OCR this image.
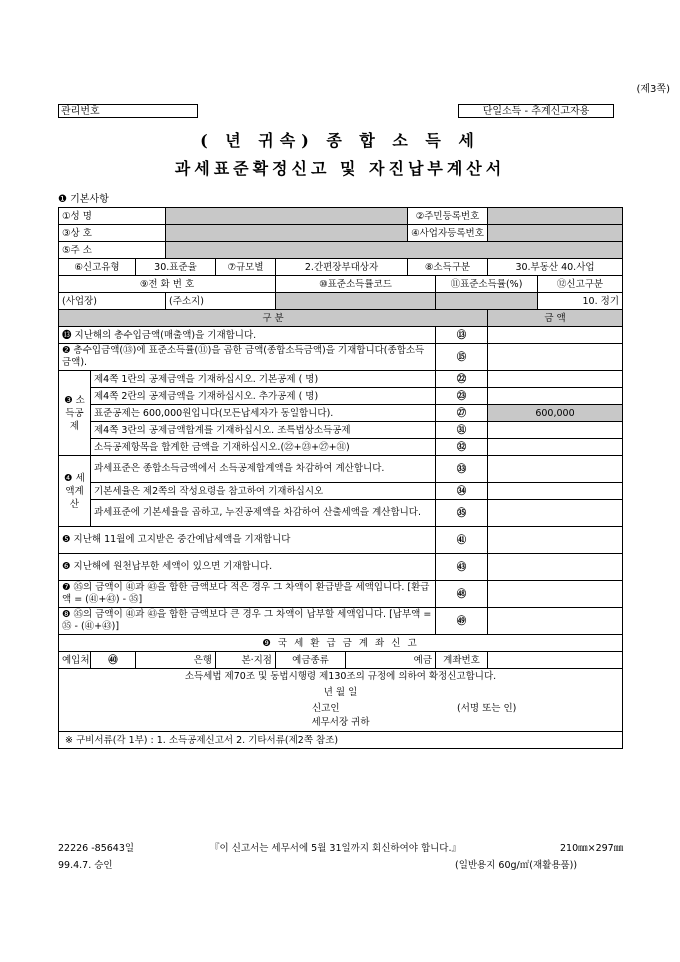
(제3쪽)
관리번호	단일소득 - 추계신고자용
( 년 귀속) 종 합 소 득 세
과세표준확정신고 및 자진납부계산서
❶ 기본사항
①성 명							②주민등록번호			
③상 호							④사업자등록번호			
⑤주 소										
⑥신고유형		30.표준율		⑦규모별	2.간편장부대상자		⑧소득구분		30.부동산 40.사업	
⑨전 화 번 호					⑩표준소득률코드			⑪표준소득률(%)		⑫신고구분
(사업장)			(주소지)							10. 정기
구 분									금 액	
⓭ 지난해의 총수입금액(매출액)을 기재합니다.								⑬		
❷ 총수입금액(⑬)에 표준소득률(⑪)을 곱한 금액(종합소득금액)을 기재합니다(종합소득금액).								⑮		
❸ 소득공제	제4쪽 1란의 공제금액을 기재하십시오. 기본공제 ( 명)							㉒		
	제4쪽 2란의 공제금액을 기재하십시오. 추가공제 ( 명)							㉓		
	표준공제는 600,000원입니다(모든납세자가 동일합니다).							㉗	600,000	
	제4쪽 3란의 공제금액합계를 기재하십시오. 조특법상소득공제							㉛		
	소득공제항목을 합계한 금액을 기재하십시오.(㉒+㉓+㉗+㉛)							㉜		
❹ 세액계산	과세표준은 종합소득금액에서 소득공제합계액을 차감하여 계산합니다.							㉝		
	기본세율은 제2쪽의 작성요령을 참고하여 기재하십시오							㉞		
	과세표준에 기본세율을 곱하고, 누진공제액을 차감하여 산출세액을 계산합니다.							㉟		
❺ 지난해 11월에 고지받은 중간예납세액을 기재합니다								㊶		
❻ 지난해에 원천납부한 세액이 있으면 기재합니다.								㊸		
❼ ㉟의 금액이 ㊶과 ㊸을 합한 금액보다 적은 경우 그 차액이 환급받을 세액입니다. [환급액 = (㊶+㊸) - ㉟]								㊽		
❽ ㉟의 금액이 ㊶과 ㊸을 합한 금액보다 큰 경우 그 차액이 납부할 세액입니다. [납부액 = ㉟ - (㊶+㊸)]								㊾		
❾ 국 세 환 급 금 계 좌 신 고										
예입처	㊵	은행		본·지점	예금종류	예금		계좌번호		

소득세법 제70조 및 동법시행령 제130조의 규정에 의하여 확정신고합니다.
년 월 일
신고인 (서명 또는 인)
세무서장 귀하										

※ 구비서류(각 1부) : 1. 소득공제신고서 2. 기타서류(제2쪽 참조)										
22226 -85643일
99.4.7. 승인
『이 신고서는 세무서에 5월 31일까지 회신하여야 합니다.』	210㎜×297㎜
(일반용지 60g/㎡(재활용품))
